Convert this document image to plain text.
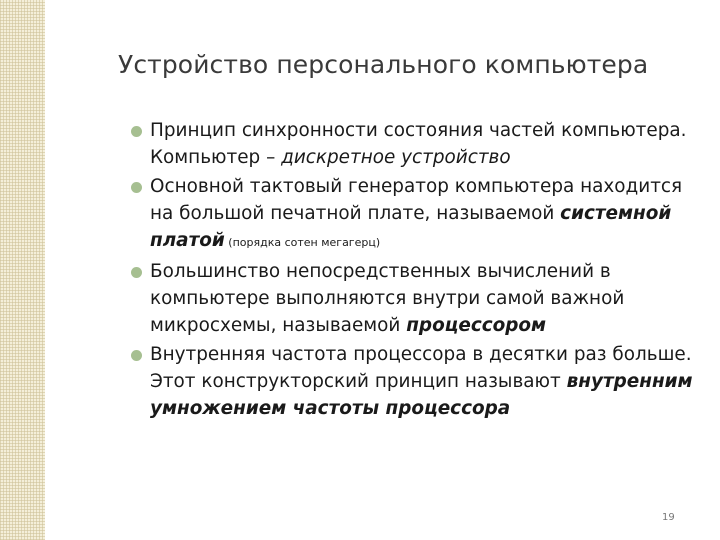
Устройство персонального компьютера
Принцип синхронности состояния частей компьютера. Компьютер – дискретное устройство
Основной тактовый генератор компьютера находится на большой печатной плате, называемой системной платой (порядка сотен мегагерц)
Большинство непосредственных вычислений в компьютере выполняются внутри самой важной микросхемы, называемой процессором
Внутренняя частота процессора в десятки раз больше. Этот конструкторский принцип называют внутренним умножением частоты процессора
19
